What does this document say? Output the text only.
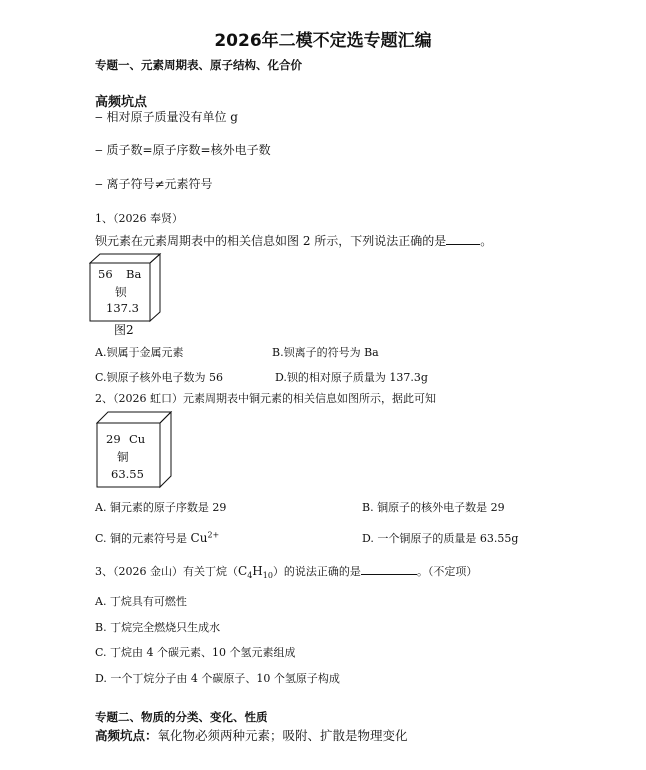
2026年二模不定选专题汇编
专题一、元素周期表、原子结构、化合价
高频坑点
‒ 相对原子质量没有单位 g
‒ 质子数=原子序数=核外电子数
‒ 离子符号≠元素符号
1、（2026 奉贤）
钡元素在元素周期表中的相关信息如图 2 所示，下列说法正确的是	。
56 Ba
钡
137.3
图2
A.钡属于金属元素	B.钡离子的符号为 Ba
C.钡原子核外电子数为 56	D.钡的相对原子质量为 137.3g
2、（2026 虹口）元素周期表中铜元素的相关信息如图所示，据此可知
29 Cu
铜
63.55
A. 铜元素的原子序数是 29	B. 铜原子的核外电子数是 29
C. 铜的元素符号是 $Cu^{2+}$	D. 一个铜原子的质量是 63.55g
3、（2026 金山）有关丁烷$(C_4H_{10})$的说法正确的是	。（不定项）
A. 丁烷具有可燃性
B. 丁烷完全燃烧只生成水
C. 丁烷由 4 个碳元素、10 个氢元素组成
D. 一个丁烷分子由 4 个碳原子、10 个氢原子构成
专题二、物质的分类、变化、性质
高频坑点：氧化物必须两种元素；吸附、扩散是物理变化
